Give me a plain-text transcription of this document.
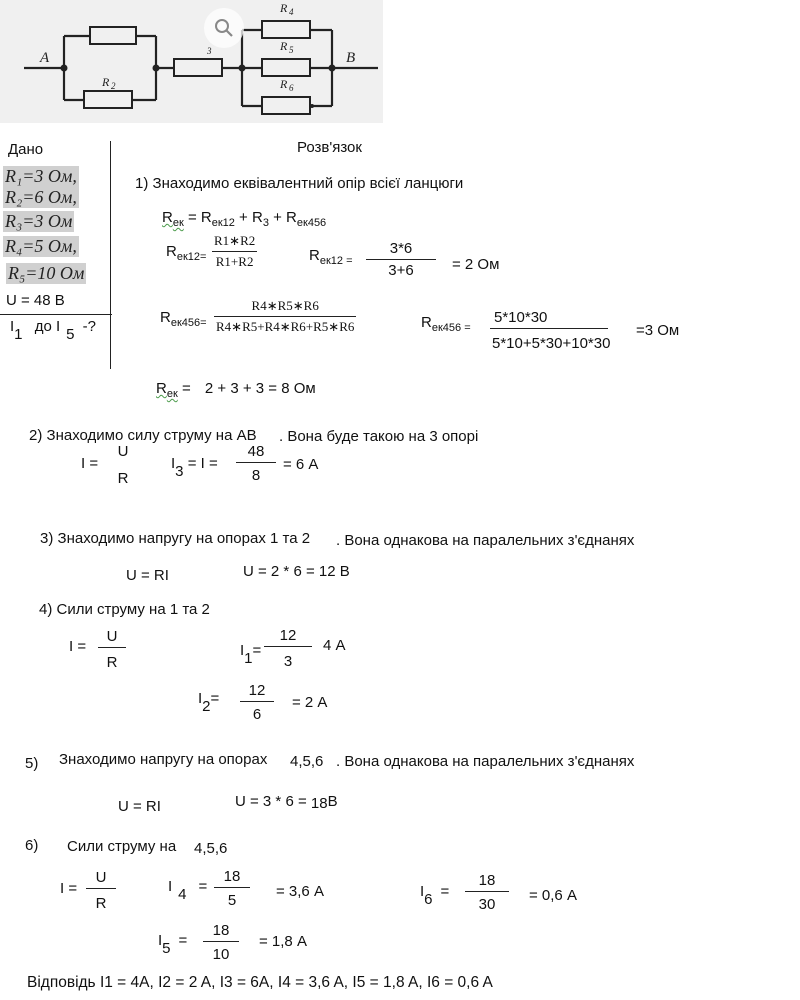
A	B
R 2
3
R 4
R 5
R 6
Дано
R₁=3 Ом,
R₂=6 Ом,
R₃=3 Ом
R₄=5 Ом,
R₅=10 Ом
U = 48 В
I1 до I 5 -?
Розв'язок
1) Знаходимо еквівалентний опір всієї ланцюги
$R_{ек} = R_{ек12} + R_3 + R_{ек456}$
$R_{ек12=}$
R1∗R2
R1+R2	$R_{ек12}$ $_=$
3*6
3+6	= 2 Ом
$R_{ек456=}$
R4∗R5∗R6
R4∗R5+R4∗R6+R5∗R6	$R_{ек456}$ $_=$
5*10*30
5*10+5*30+10*30
=3 Ом
$R_{ек} = 2 + 3 + 3 = 8$ Ом
2) Знаходимо силу струму на АВ . Вона буде такою на 3 опорі
I =
U
R
I3 = I =
48
8
= 6 А
3) Знаходимо напругу на опорах 1 та 2 . Вона однакова на паралельних з'єднанях
U = RI	U = 2 * 6 = 12 В
4) Сили струму на 1 та 2
I =
U
R
I1=
12
3
4 А
I2=	12
6
= 2 А
5) Знаходимо напругу на опорах 4,5,6 . Вона однакова на паралельних з'єднанях
U = RI	U = 3 * 6 = 18В
6) Сили струму на 4,5,6
I =
U
R
I 4 =
18
5
= 3,6 А	I6 =
18
30
= 0,6 А
I5 =
18
10
= 1,8 А
Відповідь I1 = 4A, I2 = 2 A, I3 = 6A, I4 = 3,6 A, I5 = 1,8 A, I6 = 0,6 A
